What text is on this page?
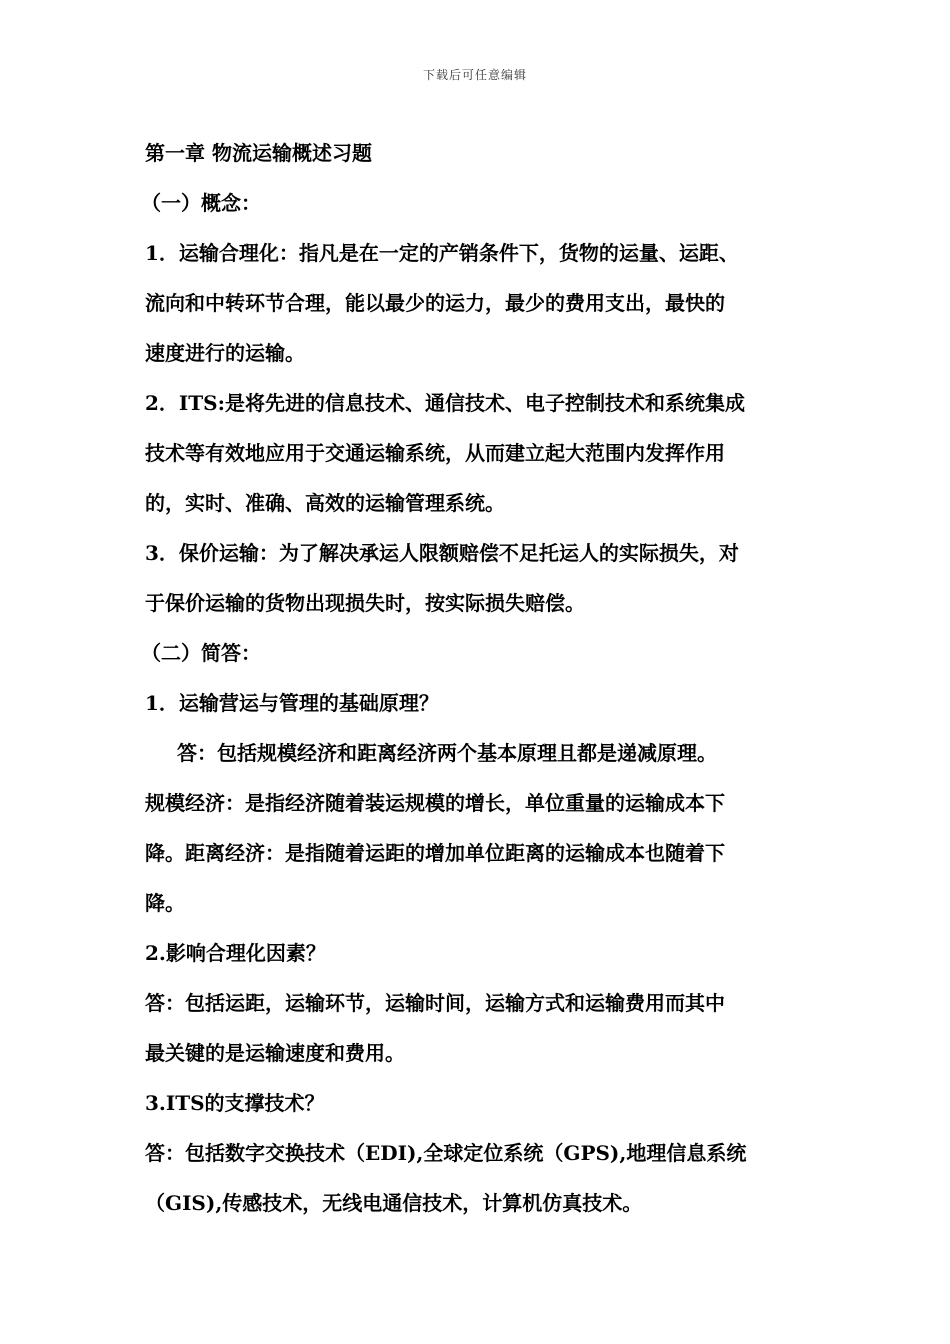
下载后可任意编辑
第一章 物流运输概述习题
（一）概念：
1．运输合理化：指凡是在一定的产销条件下，货物的运量、运距、
流向和中转环节合理，能以最少的运力，最少的费用支出，最快的
速度进行的运输。
2．ITS:是将先进的信息技术、通信技术、电子控制技术和系统集成
技术等有效地应用于交通运输系统，从而建立起大范围内发挥作用
的，实时、准确、高效的运输管理系统。
3．保价运输：为了解决承运人限额赔偿不足托运人的实际损失，对
于保价运输的货物出现损失时，按实际损失赔偿。
（二）简答：
1．运输营运与管理的基础原理？
答：包括规模经济和距离经济两个基本原理且都是递减原理。
规模经济：是指经济随着装运规模的增长，单位重量的运输成本下
降。距离经济：是指随着运距的增加单位距离的运输成本也随着下
降。
2.影响合理化因素？
答：包括运距，运输环节，运输时间，运输方式和运输费用而其中
最关键的是运输速度和费用。
3.ITS的支撑技术？
答：包括数字交换技术（EDI),全球定位系统（GPS),地理信息系统
（GIS),传感技术，无线电通信技术，计算机仿真技术。
